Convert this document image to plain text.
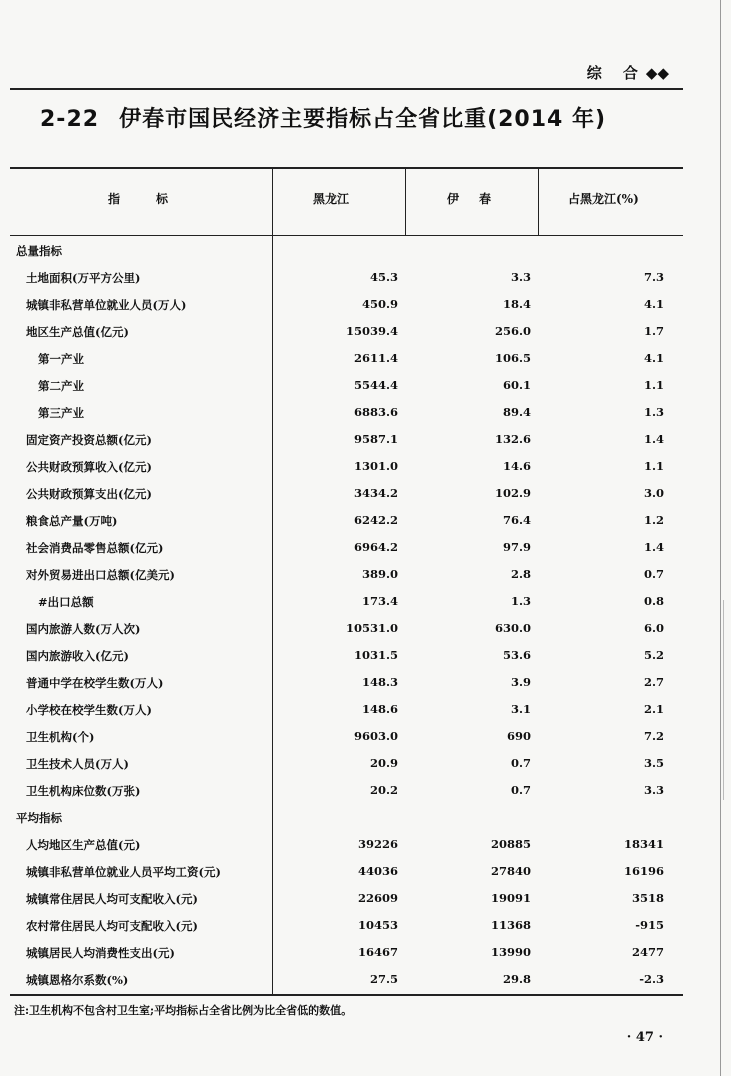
综 合◆◆
2-22 伊春市国民经济主要指标占全省比重(2014 年)
指标	黑龙江	伊春	占黑龙江(%)
总量指标
土地面积(万平方公里)	45.3	3.3	7.3
城镇非私营单位就业人员(万人)	450.9	18.4	4.1
地区生产总值(亿元)	15039.4	256.0	1.7
第一产业	2611.4	106.5	4.1
第二产业	5544.4	60.1	1.1
第三产业	6883.6	89.4	1.3
固定资产投资总额(亿元)	9587.1	132.6	1.4
公共财政预算收入(亿元)	1301.0	14.6	1.1
公共财政预算支出(亿元)	3434.2	102.9	3.0
粮食总产量(万吨)	6242.2	76.4	1.2
社会消费品零售总额(亿元)	6964.2	97.9	1.4
对外贸易进出口总额(亿美元)	389.0	2.8	0.7
#出口总额	173.4	1.3	0.8
国内旅游人数(万人次)	10531.0	630.0	6.0
国内旅游收入(亿元)	1031.5	53.6	5.2
普通中学在校学生数(万人)	148.3	3.9	2.7
小学校在校学生数(万人)	148.6	3.1	2.1
卫生机构(个)	9603.0	690	7.2
卫生技术人员(万人)	20.9	0.7	3.5
卫生机构床位数(万张)	20.2	0.7	3.3
平均指标
人均地区生产总值(元)	39226	20885	18341
城镇非私营单位就业人员平均工资(元)	44036	27840	16196
城镇常住居民人均可支配收入(元)	22609	19091	3518
农村常住居民人均可支配收入(元)	10453	11368	-915
城镇居民人均消费性支出(元)	16467	13990	2477
城镇恩格尔系数(%)	27.5	29.8	-2.3
注:卫生机构不包含村卫生室;平均指标占全省比例为比全省低的数值。
· 47 ·
